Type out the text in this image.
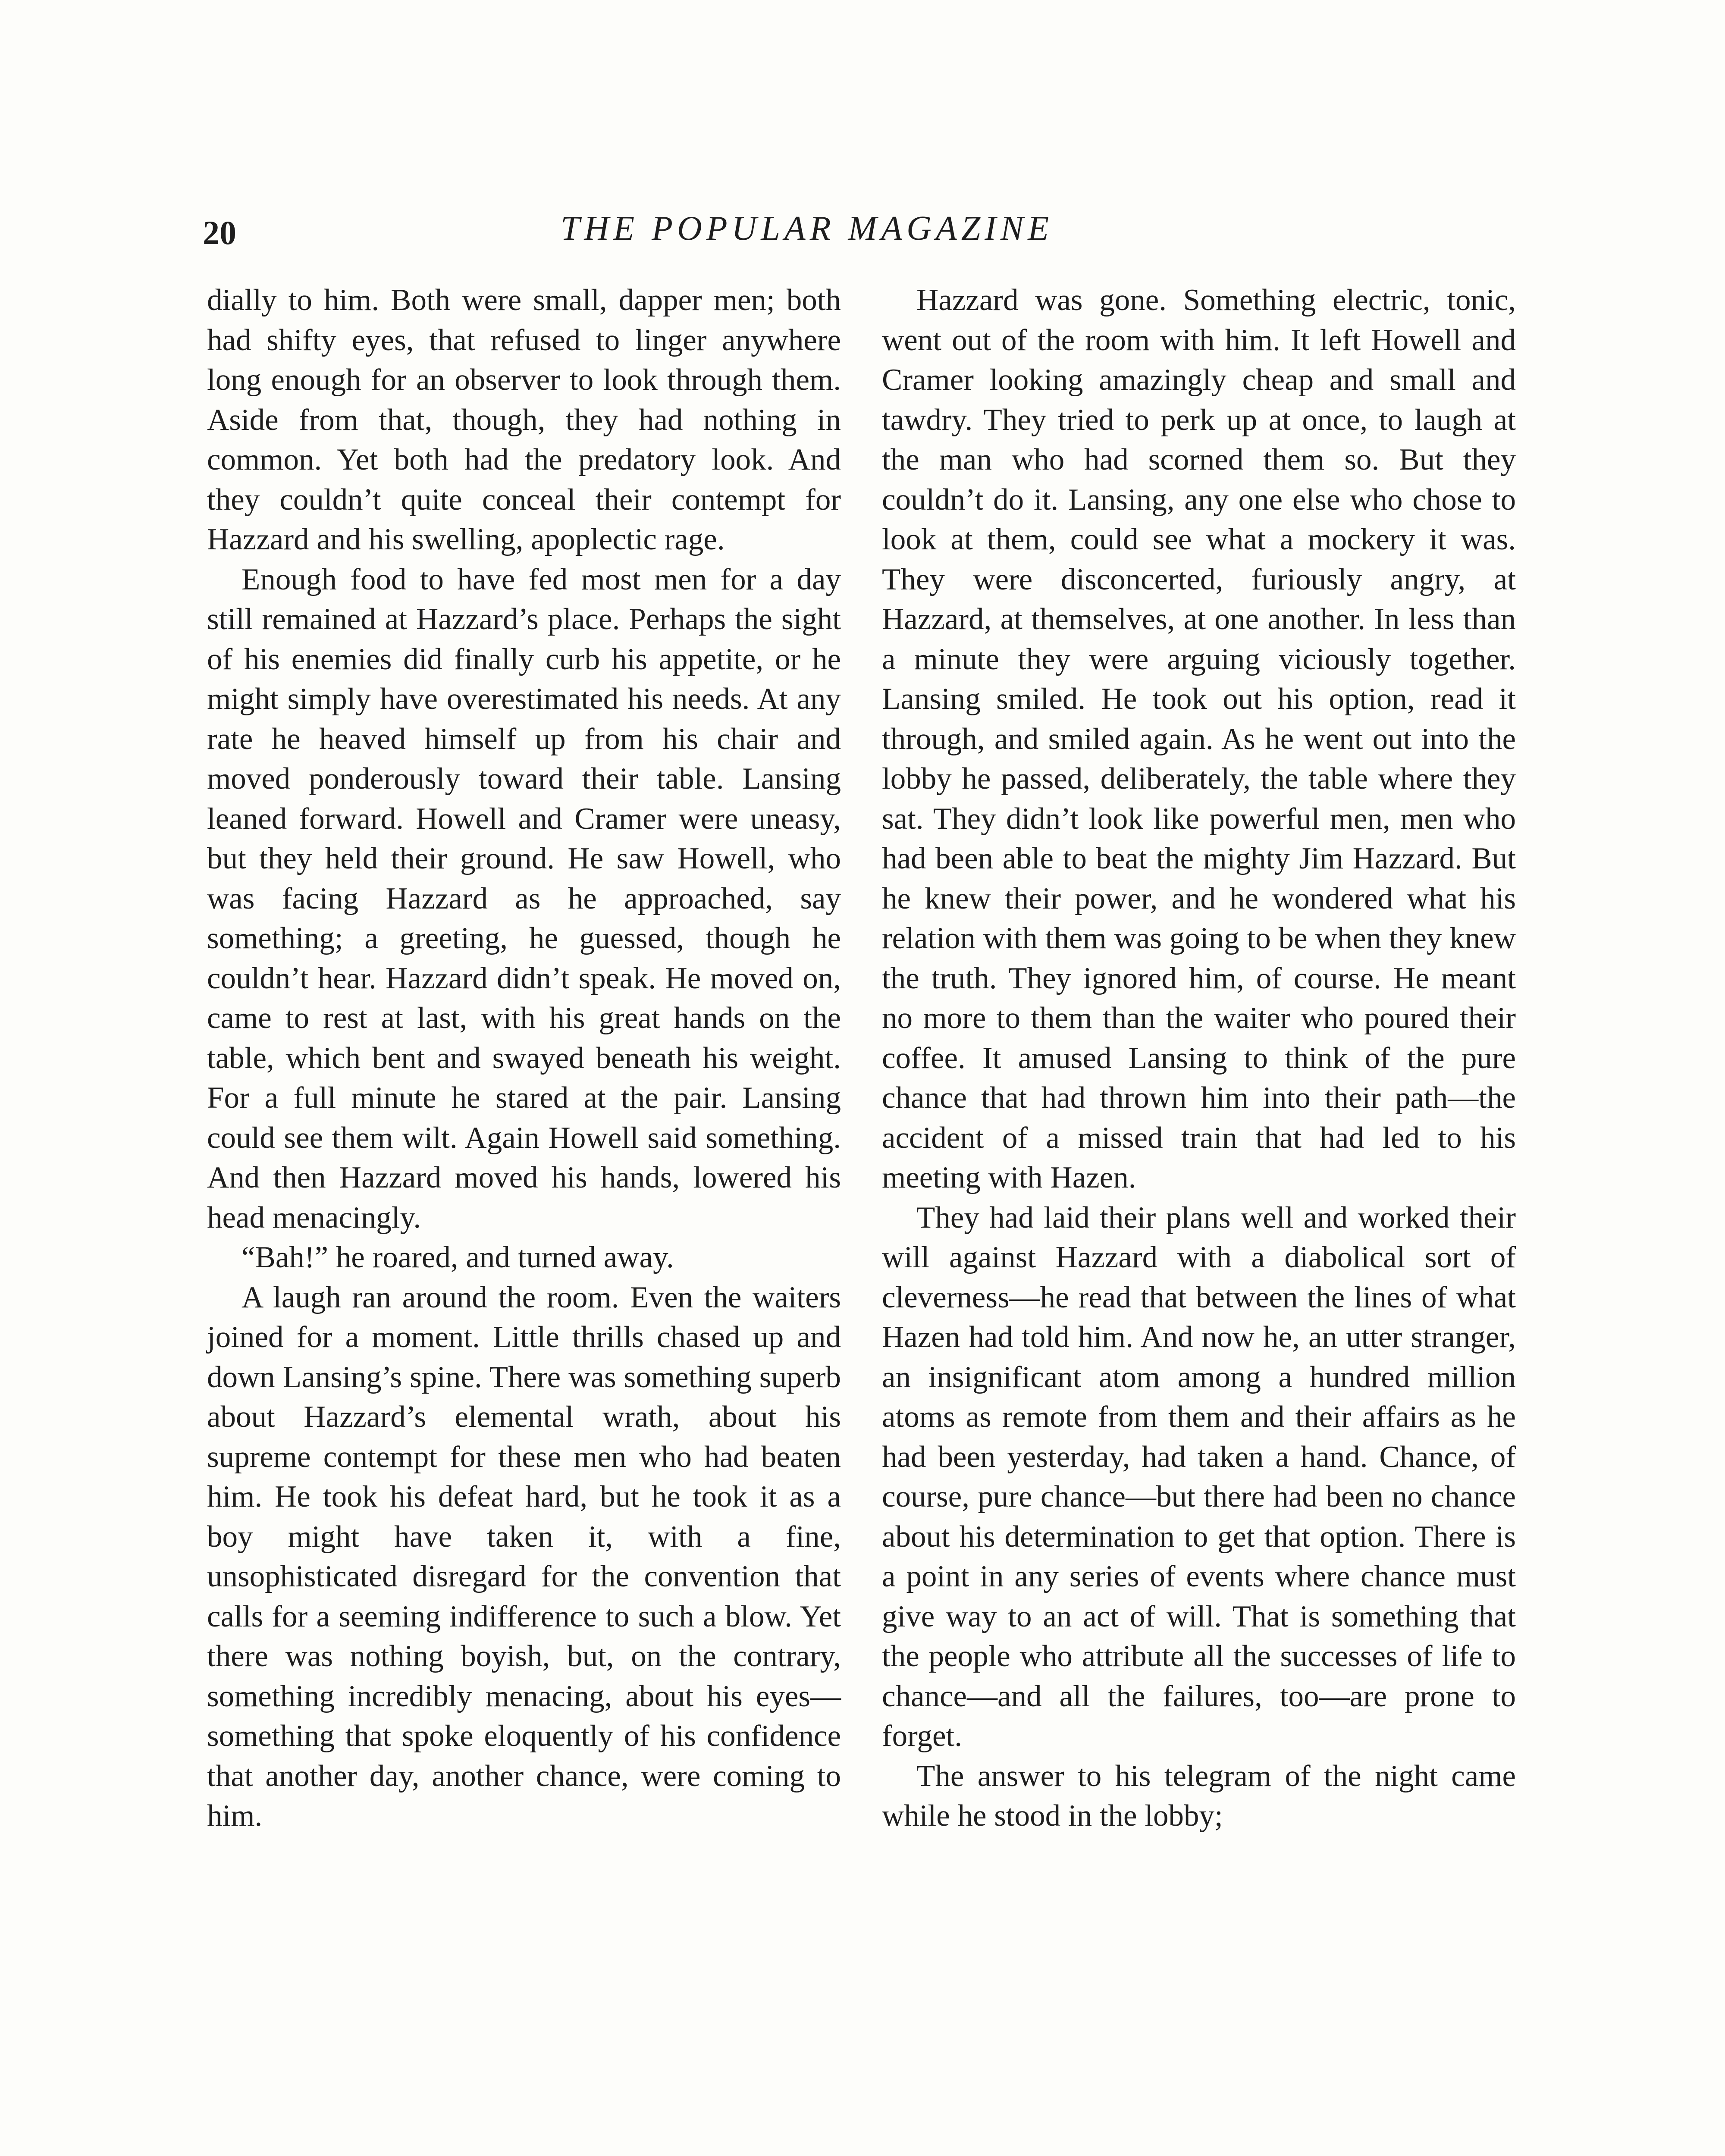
20	THE POPULAR MAGAZINE

dially to him. Both were small, dapper men; both had shifty eyes, that refused to linger anywhere long enough for an observer to look through them. Aside from that, though, they had nothing in common. Yet both had the predatory look. And they couldn’t quite conceal their contempt for Hazzard and his swelling, apoplectic rage.

Enough food to have fed most men for a day still remained at Hazzard’s place. Perhaps the sight of his enemies did finally curb his appetite, or he might simply have overestimated his needs. At any rate he heaved himself up from his chair and moved ponderously toward their table. Lansing leaned forward. Howell and Cramer were uneasy, but they held their ground. He saw Howell, who was facing Hazzard as he approached, say something; a greeting, he guessed, though he couldn’t hear. Hazzard didn’t speak. He moved on, came to rest at last, with his great hands on the table, which bent and swayed beneath his weight. For a full minute he stared at the pair. Lansing could see them wilt. Again Howell said something. And then Hazzard moved his hands, lowered his head menacingly.

“Bah!” he roared, and turned away.

A laugh ran around the room. Even the waiters joined for a moment. Little thrills chased up and down Lansing’s spine. There was something superb about Hazzard’s elemental wrath, about his supreme contempt for these men who had beaten him. He took his defeat hard, but he took it as a boy might have taken it, with a fine, unsophisticated disregard for the convention that calls for a seeming indifference to such a blow. Yet there was nothing boyish, but, on the contrary, something incredibly menacing, about his eyes—something that spoke eloquently of his confidence that another day, another chance, were coming to him.

Hazzard was gone. Something electric, tonic, went out of the room with him. It left Howell and Cramer looking amazingly cheap and small and tawdry. They tried to perk up at once, to laugh at the man who had scorned them so. But they couldn’t do it. Lansing, any one else who chose to look at them, could see what a mockery it was. They were disconcerted, furiously angry, at Hazzard, at themselves, at one another. In less than a minute they were arguing viciously together. Lansing smiled. He took out his option, read it through, and smiled again. As he went out into the lobby he passed, deliberately, the table where they sat. They didn’t look like powerful men, men who had been able to beat the mighty Jim Hazzard. But he knew their power, and he wondered what his relation with them was going to be when they knew the truth. They ignored him, of course. He meant no more to them than the waiter who poured their coffee. It amused Lansing to think of the pure chance that had thrown him into their path—the accident of a missed train that had led to his meeting with Hazen.

They had laid their plans well and worked their will against Hazzard with a diabolical sort of cleverness—he read that between the lines of what Hazen had told him. And now he, an utter stranger, an insignificant atom among a hundred million atoms as remote from them and their affairs as he had been yesterday, had taken a hand. Chance, of course, pure chance—but there had been no chance about his determination to get that option. There is a point in any series of events where chance must give way to an act of will. That is something that the people who attribute all the successes of life to chance—and all the failures, too—are prone to forget.

The answer to his telegram of the night came while he stood in the lobby;
